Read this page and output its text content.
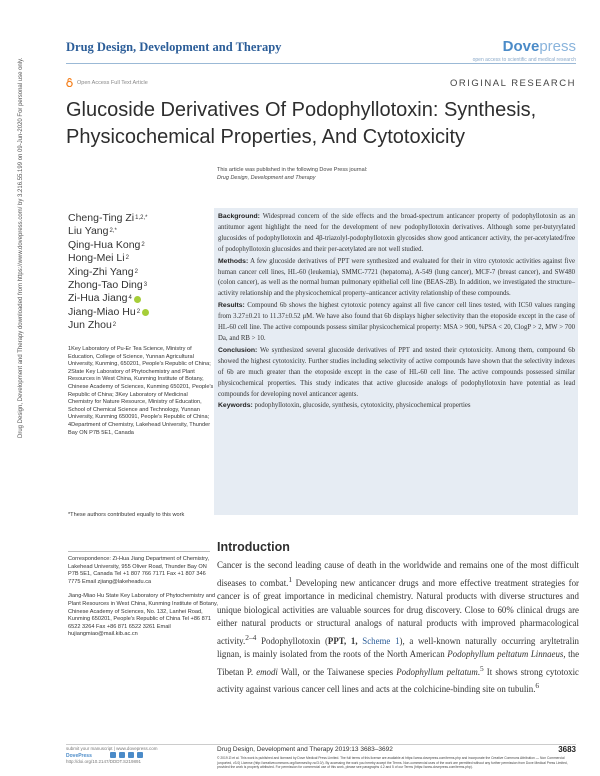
Drug Design, Development and Therapy	Dovepress
open access to scientific and medical research
Open Access Full Text Article	ORIGINAL RESEARCH
Glucoside Derivatives Of Podophyllotoxin: Synthesis, Physicochemical Properties, And Cytotoxicity
This article was published in the following Dove Press journal:
Drug Design, Development and Therapy
Drug Design, Development and Therapy downloaded from https://www.dovepress.com/ by 3.216.55.199 on 09-Jun-2020 For personal use only.	Cheng-Ting Zi 1,2,*
Liu Yang 2,*
Qing-Hua Kong 2
Hong-Mei Li 2
Xing-Zhi Yang 2
Zhong-Tao Ding 3
Zi-Hua Jiang 4
Jiang-Miao Hu 2
Jun Zhou 2
1Key Laboratory of Pu-Er Tea Science, Ministry of Education, College of Science, Yunnan Agricultural University, Kunming, 650201, People's Republic of China; 2State Key Laboratory of Phytochemistry and Plant Resources in West China, Kunming Institute of Botany, Chinese Academy of Sciences, Kunming 650201, People's Republic of China; 3Key Laboratory of Medicinal Chemistry for Nature Resource, Ministry of Education, School of Chemical Science and Technology, Yunnan University, Kunming 650091, People's Republic of China; 4Department of Chemistry, Lakehead University, Thunder Bay ON P7B 5E1, Canada
*These authors contributed equally to this work

Correspondence: Zi-Hua Jiang Department of Chemistry, Lakehead University, 955 Oliver Road, Thunder Bay ON P7B 5E1, Canada Tel +1 807 766 7171 Fax +1 807 346 7775 Email zjiang@lakeheadu.ca

Jiang-Miao Hu State Key Laboratory of Phytochemistry and Plant Resources in West China, Kunming Institute of Botany, Chinese Academy of Sciences, No. 132, Lanhei Road, Kunming 650201, People's Republic of China Tel +86 871 6522 3264 Fax +86 871 6522 3261 Email hujiangmiao@mail.kib.ac.cn

Background: Widespread concern of the side effects and the broad-spectrum anticancer property of podophyllotoxin as an antitumor agent highlight the need for the development of new podophyllotoxin derivatives. Although some per-butyrylated glucosides of podophyllotoxin and 4β-triazolyl-podophyllotoxin glycosides show good anticancer activity, the per-acetylated/free of podophyllotoxin glucosides and their per-acetylated are not well studied.

Methods: A few glucoside derivatives of PPT were synthesized and evaluated for their in vitro cytotoxic activities against five human cancer cell lines, HL-60 (leukemia), SMMC-7721 (hepatoma), A-549 (lung cancer), MCF-7 (breast cancer), and SW480 (colon cancer), as well as the normal human pulmonary epithelial cell line (BEAS-2B). In addition, we investigated the structure–activity relationship and the physicochemical property–anticancer activity relationship of these compounds.

Results: Compound 6b shows the highest cytotoxic potency against all five cancer cell lines tested, with IC50 values ranging from 3.27±0.21 to 11.37±0.52 μM. We have also found that 6b displays higher selectivity than the etoposide except in the case of HL-60 cell line. The active compounds possess similar physicochemical property: MSA > 900, %PSA < 20, ClogP > 2, MW > 700 Da, and RB > 10.

Conclusion: We synthesized several glucoside derivatives of PPT and tested their cytotoxicity. Among them, compound 6b showed the highest cytotoxicity. Further studies including selectivity of active compounds have shown that the selectivity indexes of 6b are much greater than the etoposide except in the case of HL-60 cell line. The active compounds possessed similar physicochemical properties. This study indicates that active glucoside analogs of podophyllotoxin have potential as lead compounds for developing novel anticancer agents.

Keywords: podophyllotoxin, glucoside, synthesis, cytotoxicity, physicochemical properties

Introduction

Cancer is the second leading cause of death in the worldwide and remains one of the most difficult diseases to combat.$^1$ Developing new anticancer drugs and more effective treatment strategies for cancer is of great importance in medicinal chemistry. Natural products with diverse structures and unique biological activities are valuable sources for drug discovery. Close to 60% clinical drugs are either natural products or structural analogs of natural products with improved pharmacological activity.$^{2-4}$ Podophyllotoxin (PPT, 1, Scheme 1), a well-known naturally occurring aryltetralin lignan, is mainly isolated from the roots of the North American Podophyllum peltatum Linnaeus, the Tibetan P. emodi Wall, or the Taiwanese species Podophyllum peltatum.$^5$ It shows strong cytotoxic activity against various cancer cell lines and acts at the colchicine-binding site on tubulin.$^6$

submit your manuscript | www.dovepress.com
DovePress
http://doi.org/10.2147/DDDT.S219891
Drug Design, Development and Therapy 2019:13 3683–3692	3683
© 2019 Zi et al. This work is published and licensed by Dove Medical Press Limited. The full terms of this license are available at https://www.dovepress.com/terms.php and incorporate the Creative Commons Attribution — Non Commercial (unported, v3.0) License (http://creativecommons.org/licenses/by-nc/3.0/). By accessing the work you hereby accept the Terms. Non-commercial uses of the work are permitted without any further permission from Dove Medical Press Limited, provided the work is properly attributed. For permission for commercial use of this work, please see paragraphs 4.2 and 5 of our Terms (https://www.dovepress.com/terms.php).
